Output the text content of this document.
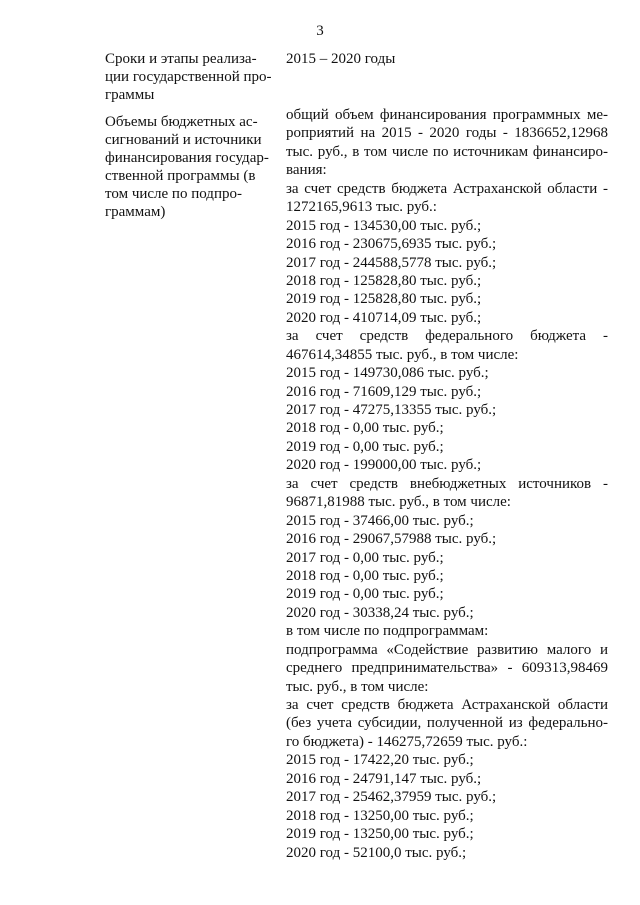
3
Сроки и этапы реализа-
ции государственной про-
граммы
2015 – 2020 годы
Объемы бюджетных ас-
сигнований и источники
финансирования государ-
ственной программы (в
том числе по подпро-
граммам)
общий объем финансирования программных ме-
роприятий на 2015 - 2020 годы - 1836652,12968
тыс. руб., в том числе по источникам финансиро-
вания:
за счет средств бюджета Астраханской области -
1272165,9613 тыс. руб.:
2015 год - 134530,00 тыс. руб.;
2016 год - 230675,6935 тыс. руб.;
2017 год - 244588,5778 тыс. руб.;
2018 год - 125828,80 тыс. руб.;
2019 год - 125828,80 тыс. руб.;
2020 год - 410714,09 тыс. руб.;
за счет средств федерального бюджета -
467614,34855 тыс. руб., в том числе:
2015 год - 149730,086 тыс. руб.;
2016 год - 71609,129 тыс. руб.;
2017 год - 47275,13355 тыс. руб.;
2018 год - 0,00 тыс. руб.;
2019 год - 0,00 тыс. руб.;
2020 год - 199000,00 тыс. руб.;
за счет средств внебюджетных источников -
96871,81988 тыс. руб., в том числе:
2015 год - 37466,00 тыс. руб.;
2016 год - 29067,57988 тыс. руб.;
2017 год - 0,00 тыс. руб.;
2018 год - 0,00 тыс. руб.;
2019 год - 0,00 тыс. руб.;
2020 год - 30338,24 тыс. руб.;
в том числе по подпрограммам:
подпрограмма «Содействие развитию малого и
среднего предпринимательства» - 609313,98469
тыс. руб., в том числе:
за счет средств бюджета Астраханской области
(без учета субсидии, полученной из федерально-
го бюджета) - 146275,72659 тыс. руб.:
2015 год - 17422,20 тыс. руб.;
2016 год - 24791,147 тыс. руб.;
2017 год - 25462,37959 тыс. руб.;
2018 год - 13250,00 тыс. руб.;
2019 год - 13250,00 тыс. руб.;
2020 год - 52100,0 тыс. руб.;
